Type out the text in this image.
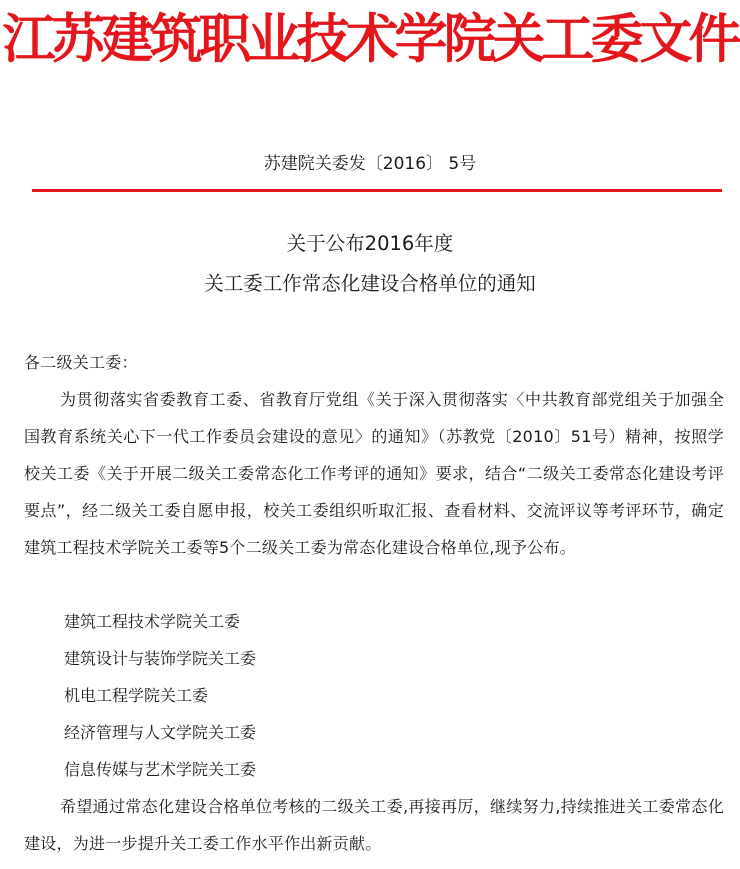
江苏建筑职业技术学院关工委文件
苏建院关委发〔2016〕 5号
关于公布2016年度
关工委工作常态化建设合格单位的通知
各二级关工委：
为贯彻落实省委教育工委、省教育厅党组《关于深入贯彻落实〈中共教育部党组关于加强全国教育系统关心下一代工作委员会建设的意见〉的通知》（苏教党〔2010〕51号）精神，按照学校关工委《关于开展二级关工委常态化工作考评的通知》要求，结合“二级关工委常态化建设考评要点”，经二级关工委自愿申报，校关工委组织听取汇报、查看材料、交流评议等考评环节，确定建筑工程技术学院关工委等5个二级关工委为常态化建设合格单位,现予公布。
建筑工程技术学院关工委
建筑设计与装饰学院关工委
机电工程学院关工委
经济管理与人文学院关工委
信息传媒与艺术学院关工委
希望通过常态化建设合格单位考核的二级关工委,再接再厉，继续努力,持续推进关工委常态化建设，为进一步提升关工委工作水平作出新贡献。
